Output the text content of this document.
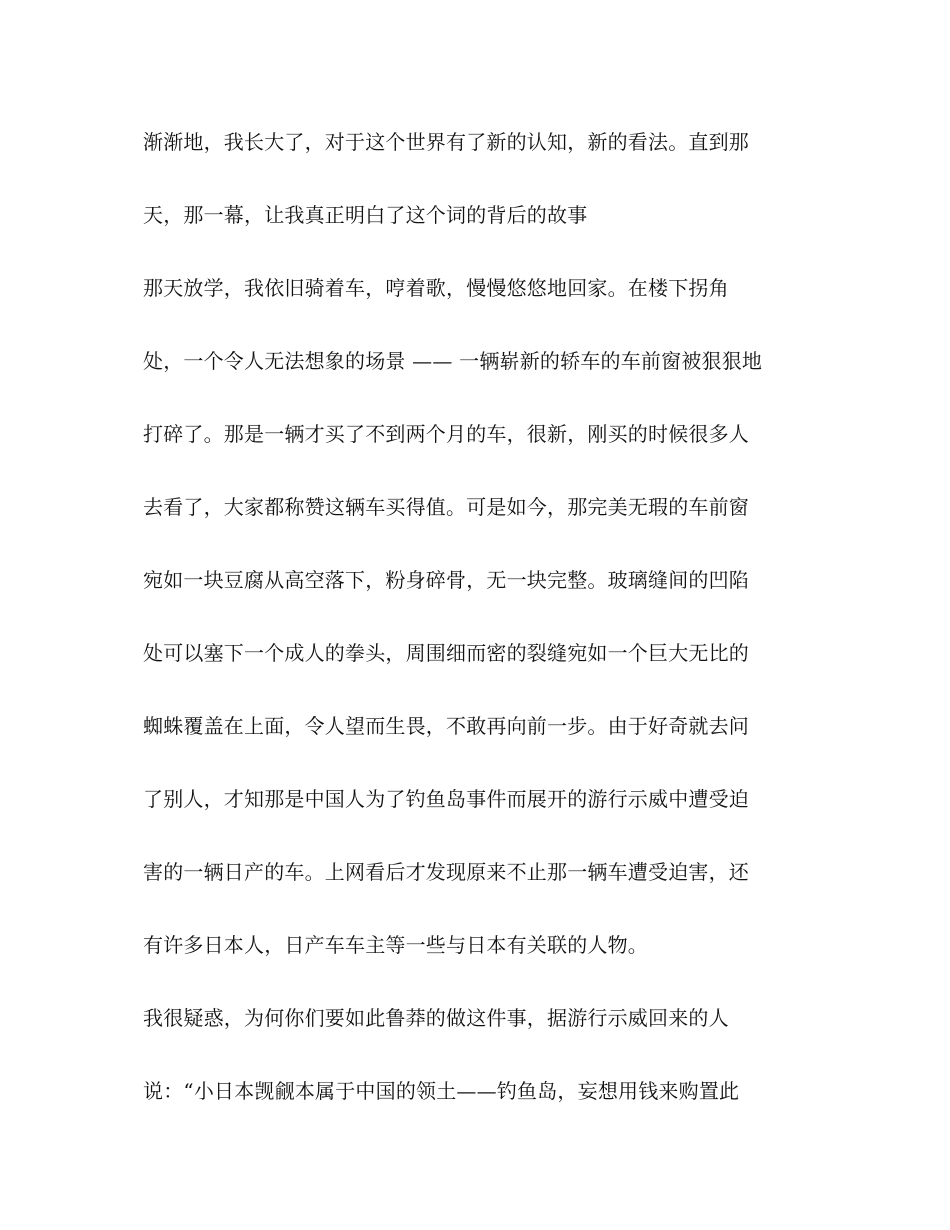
渐渐地，我长大了，对于这个世界有了新的认知，新的看法。直到那
天，那一幕，让我真正明白了这个词的背后的故事
那天放学，我依旧骑着车，哼着歌，慢慢悠悠地回家。在楼下拐角
处，一个令人无法想象的场景 —— 一辆崭新的轿车的车前窗被狠狠地
打碎了。那是一辆才买了不到两个月的车，很新，刚买的时候很多人
去看了，大家都称赞这辆车买得值。可是如今，那完美无瑕的车前窗
宛如一块豆腐从高空落下，粉身碎骨，无一块完整。玻璃缝间的凹陷
处可以塞下一个成人的拳头，周围细而密的裂缝宛如一个巨大无比的
蜘蛛覆盖在上面，令人望而生畏，不敢再向前一步。由于好奇就去问
了别人，才知那是中国人为了钓鱼岛事件而展开的游行示威中遭受迫
害的一辆日产的车。上网看后才发现原来不止那一辆车遭受迫害，还
有许多日本人，日产车车主等一些与日本有关联的人物。
我很疑惑，为何你们要如此鲁莽的做这件事，据游行示威回来的人
说：“小日本觊觎本属于中国的领土——钓鱼岛，妄想用钱来购置此
